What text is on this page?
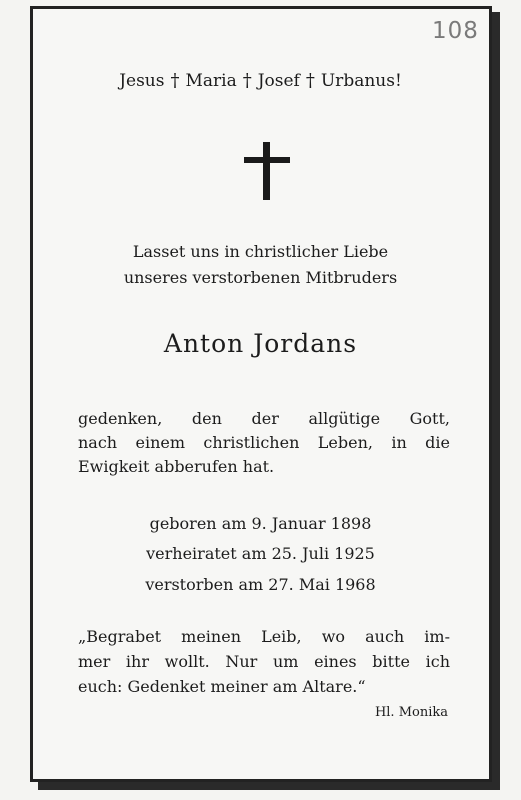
108
Jesus † Maria † Josef † Urbanus!
Lasset uns in christlicher Liebe
unseres verstorbenen Mitbruders
Anton Jordans
gedenken, den der allgütige Gott,
nach einem christlichen Leben, in die
Ewigkeit abberufen hat.
geboren am 9. Januar 1898
verheiratet am 25. Juli 1925
verstorben am 27. Mai 1968
„Begrabet meinen Leib, wo auch im-
mer ihr wollt. Nur um eines bitte ich
euch: Gedenket meiner am Altare.“
Hl. Monika
